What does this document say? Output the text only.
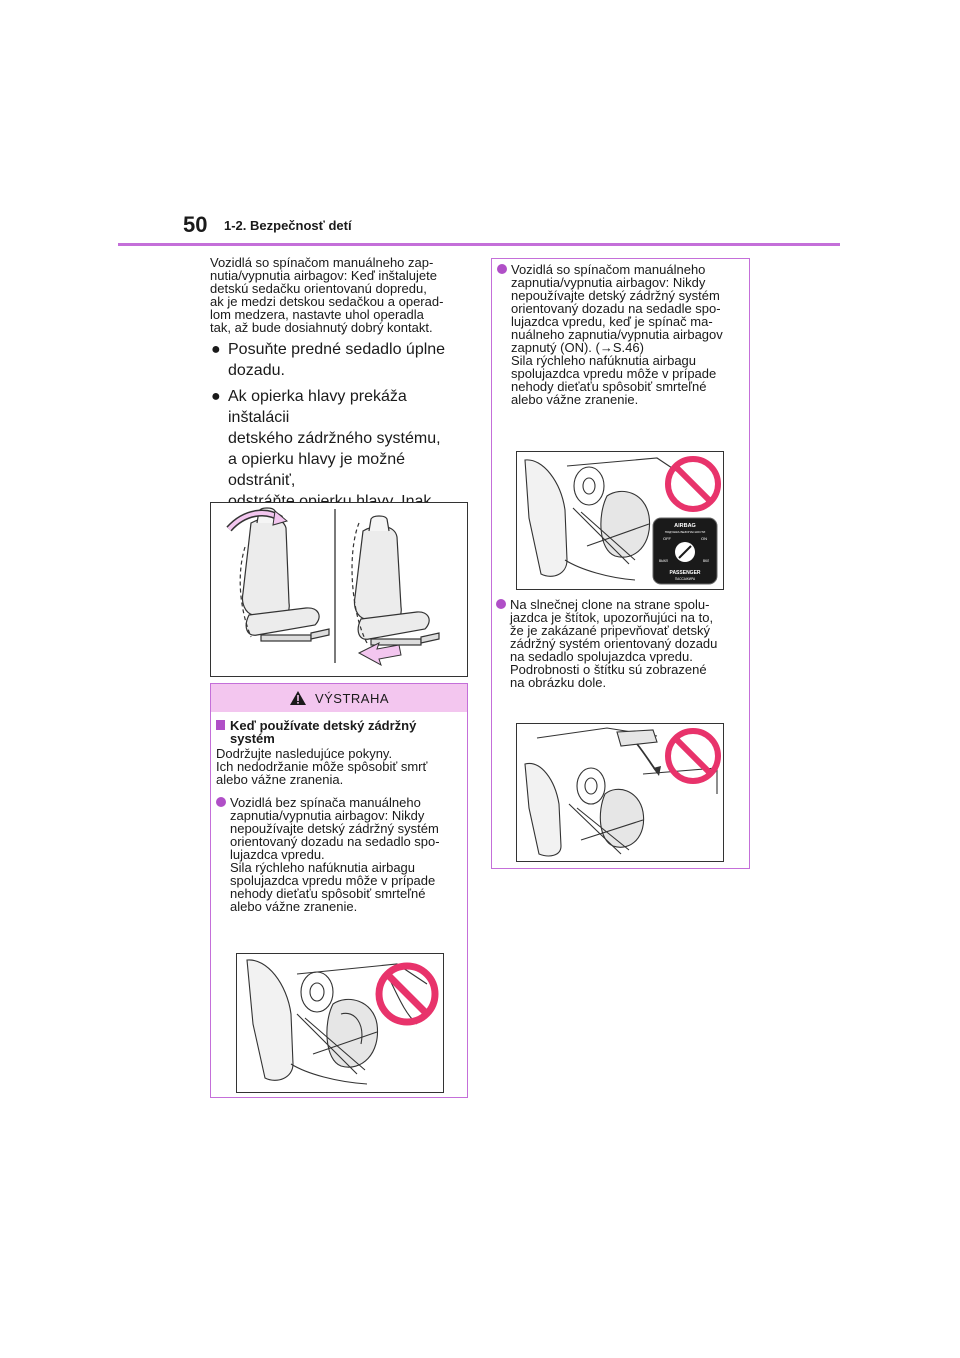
50 1-2. Bezpečnosť detí

Vozidlá so spínačom manuálneho zap-
nutia/vypnutia airbagov: Keď inštalujete
detskú sedačku orientovanú dopredu,
ak je medzi detskou sedačkou a operad-
lom medzera, nastavte uhol operadla
tak, až bude dosiahnutý dobrý kontakt.

● Posuňte predné sedadlo úplne
dozadu.
● Ak opierka hlavy prekáža inštalácii
detského zádržného systému,
a opierku hlavy je možné odstrániť,

VÝSTRAHA
Keď používate detský zádržný
systém

Dodržujte nasledujúce pokyny.
Ich nedodržanie môže spôsobiť smrť
alebo vážne zranenia.

Vozidlá bez spínača manuálneho
zapnutia/vypnutia airbagov: Nikdy
nepoužívajte detský zádržný systém
orientovaný dozadu na sedadlo spo-
lujazdca vpredu.
Sila rýchleho nafúknutia airbagu
spolujazdca vpredu môže v prípade
nehody dieťaťu spôsobiť smrteľné
alebo vážne zranenie.
Vozidlá so spínačom manuálneho
zapnutia/vypnutia airbagov: Nikdy
nepoužívajte detský zádržný systém
orientovaný dozadu na sedadle spo-
lujazdca vpredu, keď je spínač ma-
nuálneho zapnutia/vypnutia airbagov
zapnutý (ON). (→S.46)
Sila rýchleho nafúknutia airbagu
spolujazdca vpredu môže v prípade
nehody dieťaťu spôsobiť smrteľné
alebo vážne zranenie.
AIRBAG
ПОДУШКА БЕЗОПАСНОСТИ
OFF	ON
ВЫКЛ	ВКЛ
PASSENGER
ПАССАЖИРА
Na slnečnej clone na strane spolu-
jazdca je štítok, upozorňujúci na to,
že je zakázané pripevňovať detský
zádržný systém orientovaný dozadu
na sedadlo spolujazdca vpredu.
Podrobnosti o štítku sú zobrazené
na obrázku dole.
